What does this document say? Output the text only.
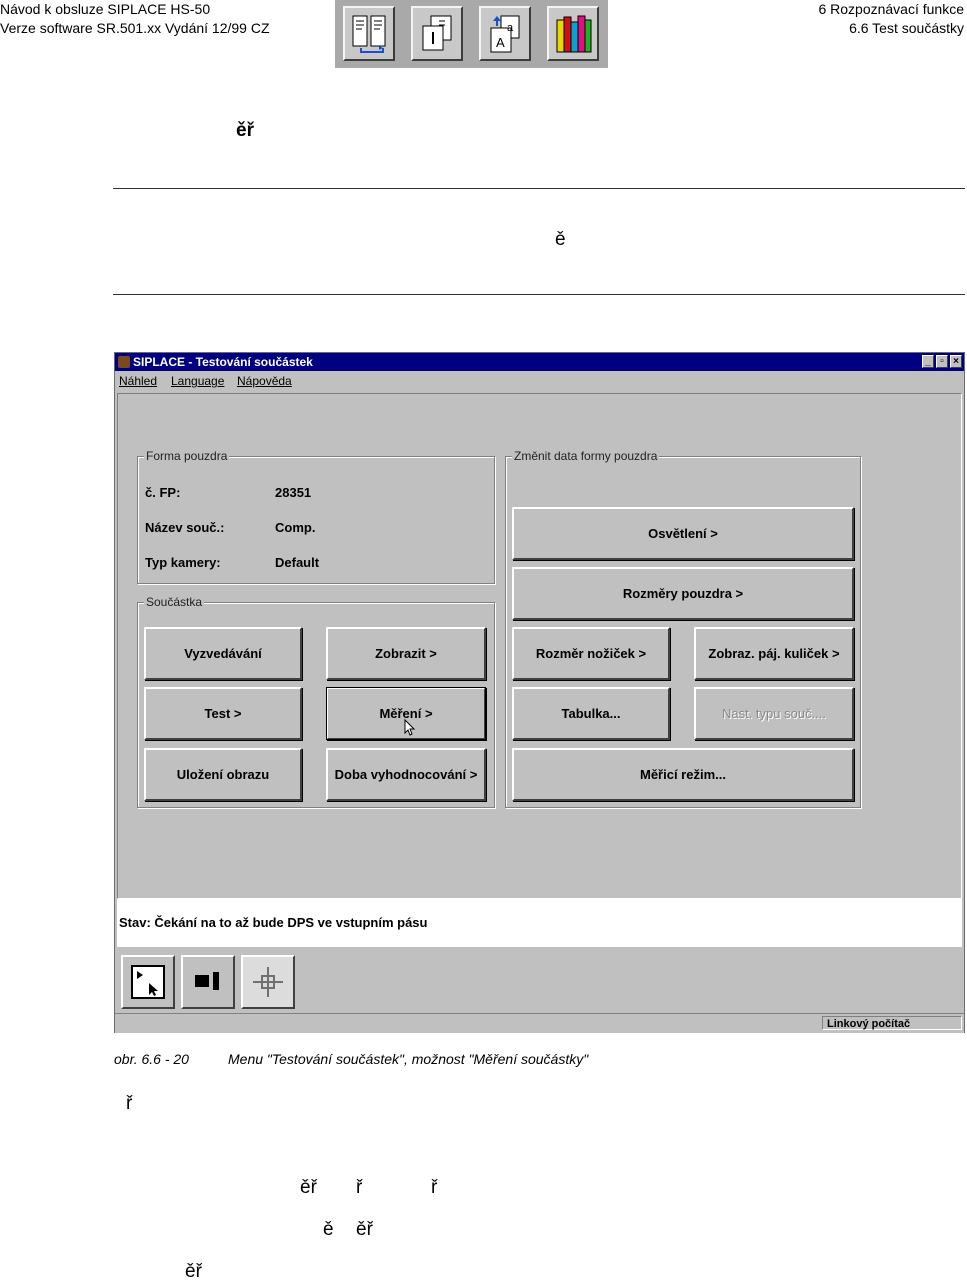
Návod k obsluze SIPLACE HS-50
Verze software SR.501.xx Vydání 12/99 CZ
6 Rozpoznávací funkce
6.6 Test součástky
a
A
ěř
ě
SIPLACE - Testování součástek	_ ▫ ×
Náhled Language Nápověda
Forma pouzdra
č. FP:	28351
Název souč.:	Comp.
Typ kamery:	Default
Součástka
Vyzvedávání	Zobrazit >
Test >	Měření >
Uložení obrazu	Doba vyhodnocování >
Změnit data formy pouzdra
Osvětlení >
Rozměry pouzdra >
Rozměr nožiček >	Zobraz. páj. kuliček >
Tabulka...	Nast. typu souč....
Měřicí režim...
Stav: Čekání na to až bude DPS ve vstupním pásu
Linkový počítač
obr. 6.6 - 20	Menu "Testování součástek", možnost "Měření součástky"
ř
ěř ř	ř
ě ěř
ěř
